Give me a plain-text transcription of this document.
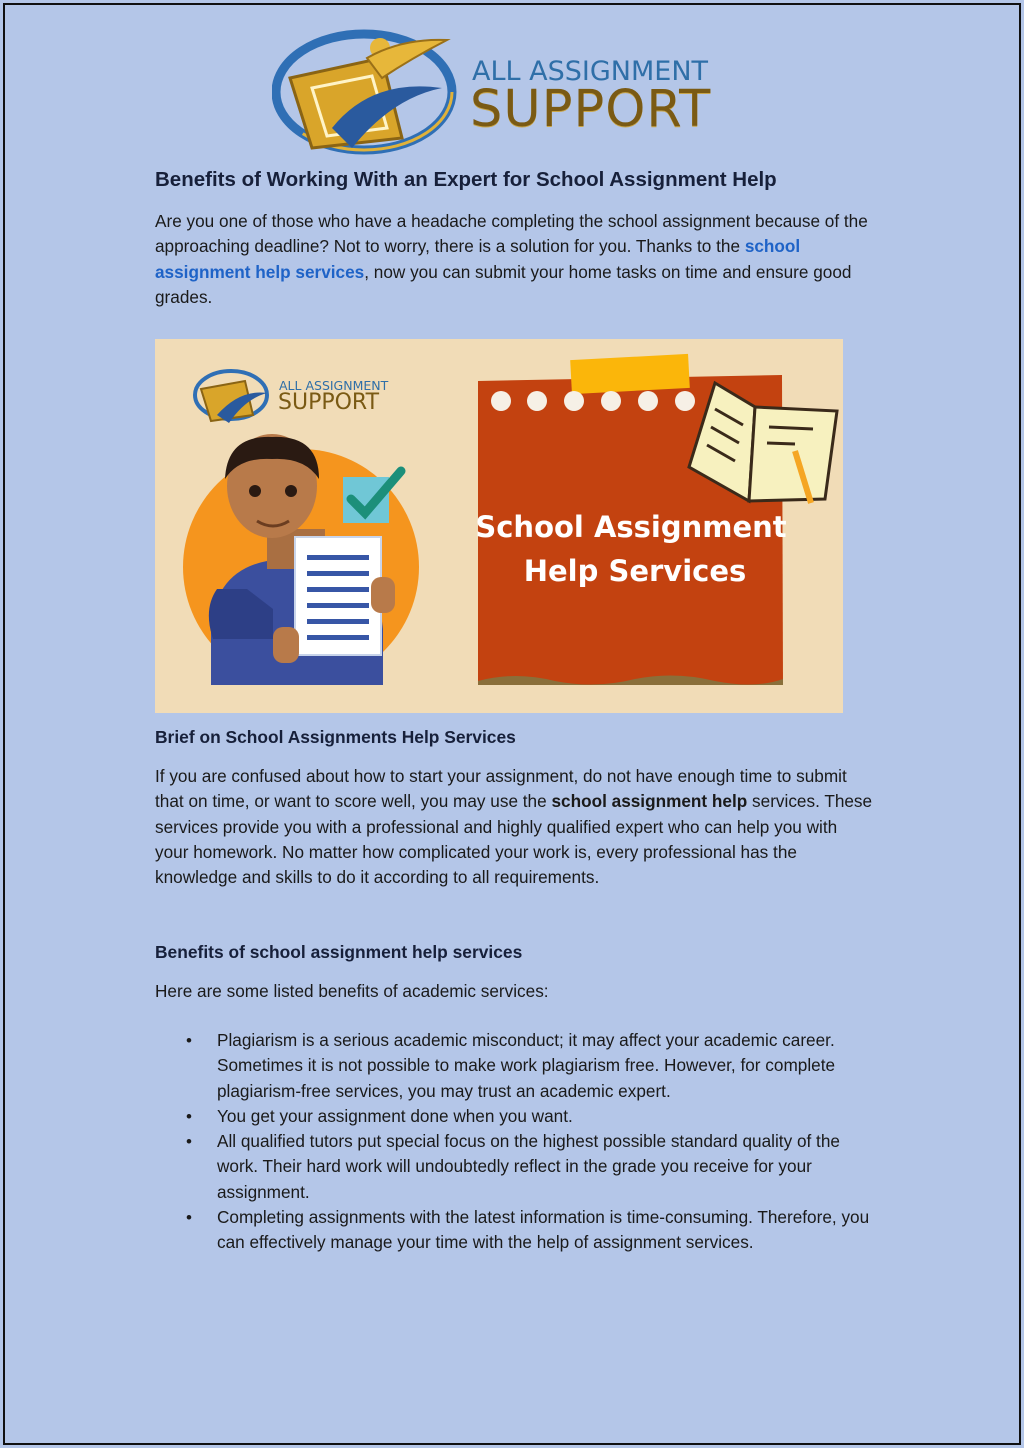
ALL ASSIGNMENT
SUPPORT
Benefits of Working With an Expert for School Assignment Help

Are you one of those who have a headache completing the school assignment because of the approaching deadline? Not to worry, there is a solution for you. Thanks to the school assignment help services, now you can submit your home tasks on time and ensure good grades.

ALL ASSIGNMENT
SUPPORT
School Assignment
Help Services
Brief on School Assignments Help Services

If you are confused about how to start your assignment, do not have enough time to submit that on time, or want to score well, you may use the school assignment help services. These services provide you with a professional and highly qualified expert who can help you with your homework. No matter how complicated your work is, every professional has the knowledge and skills to do it according to all requirements.

Benefits of school assignment help services

Here are some listed benefits of academic services:

• Plagiarism is a serious academic misconduct; it may affect your academic career. Sometimes it is not possible to make work plagiarism free. However, for complete plagiarism-free services, you may trust an academic expert.
• You get your assignment done when you want.
• All qualified tutors put special focus on the highest possible standard quality of the work. Their hard work will undoubtedly reflect in the grade you receive for your assignment.
• Completing assignments with the latest information is time-consuming. Therefore, you can effectively manage your time with the help of assignment services.
